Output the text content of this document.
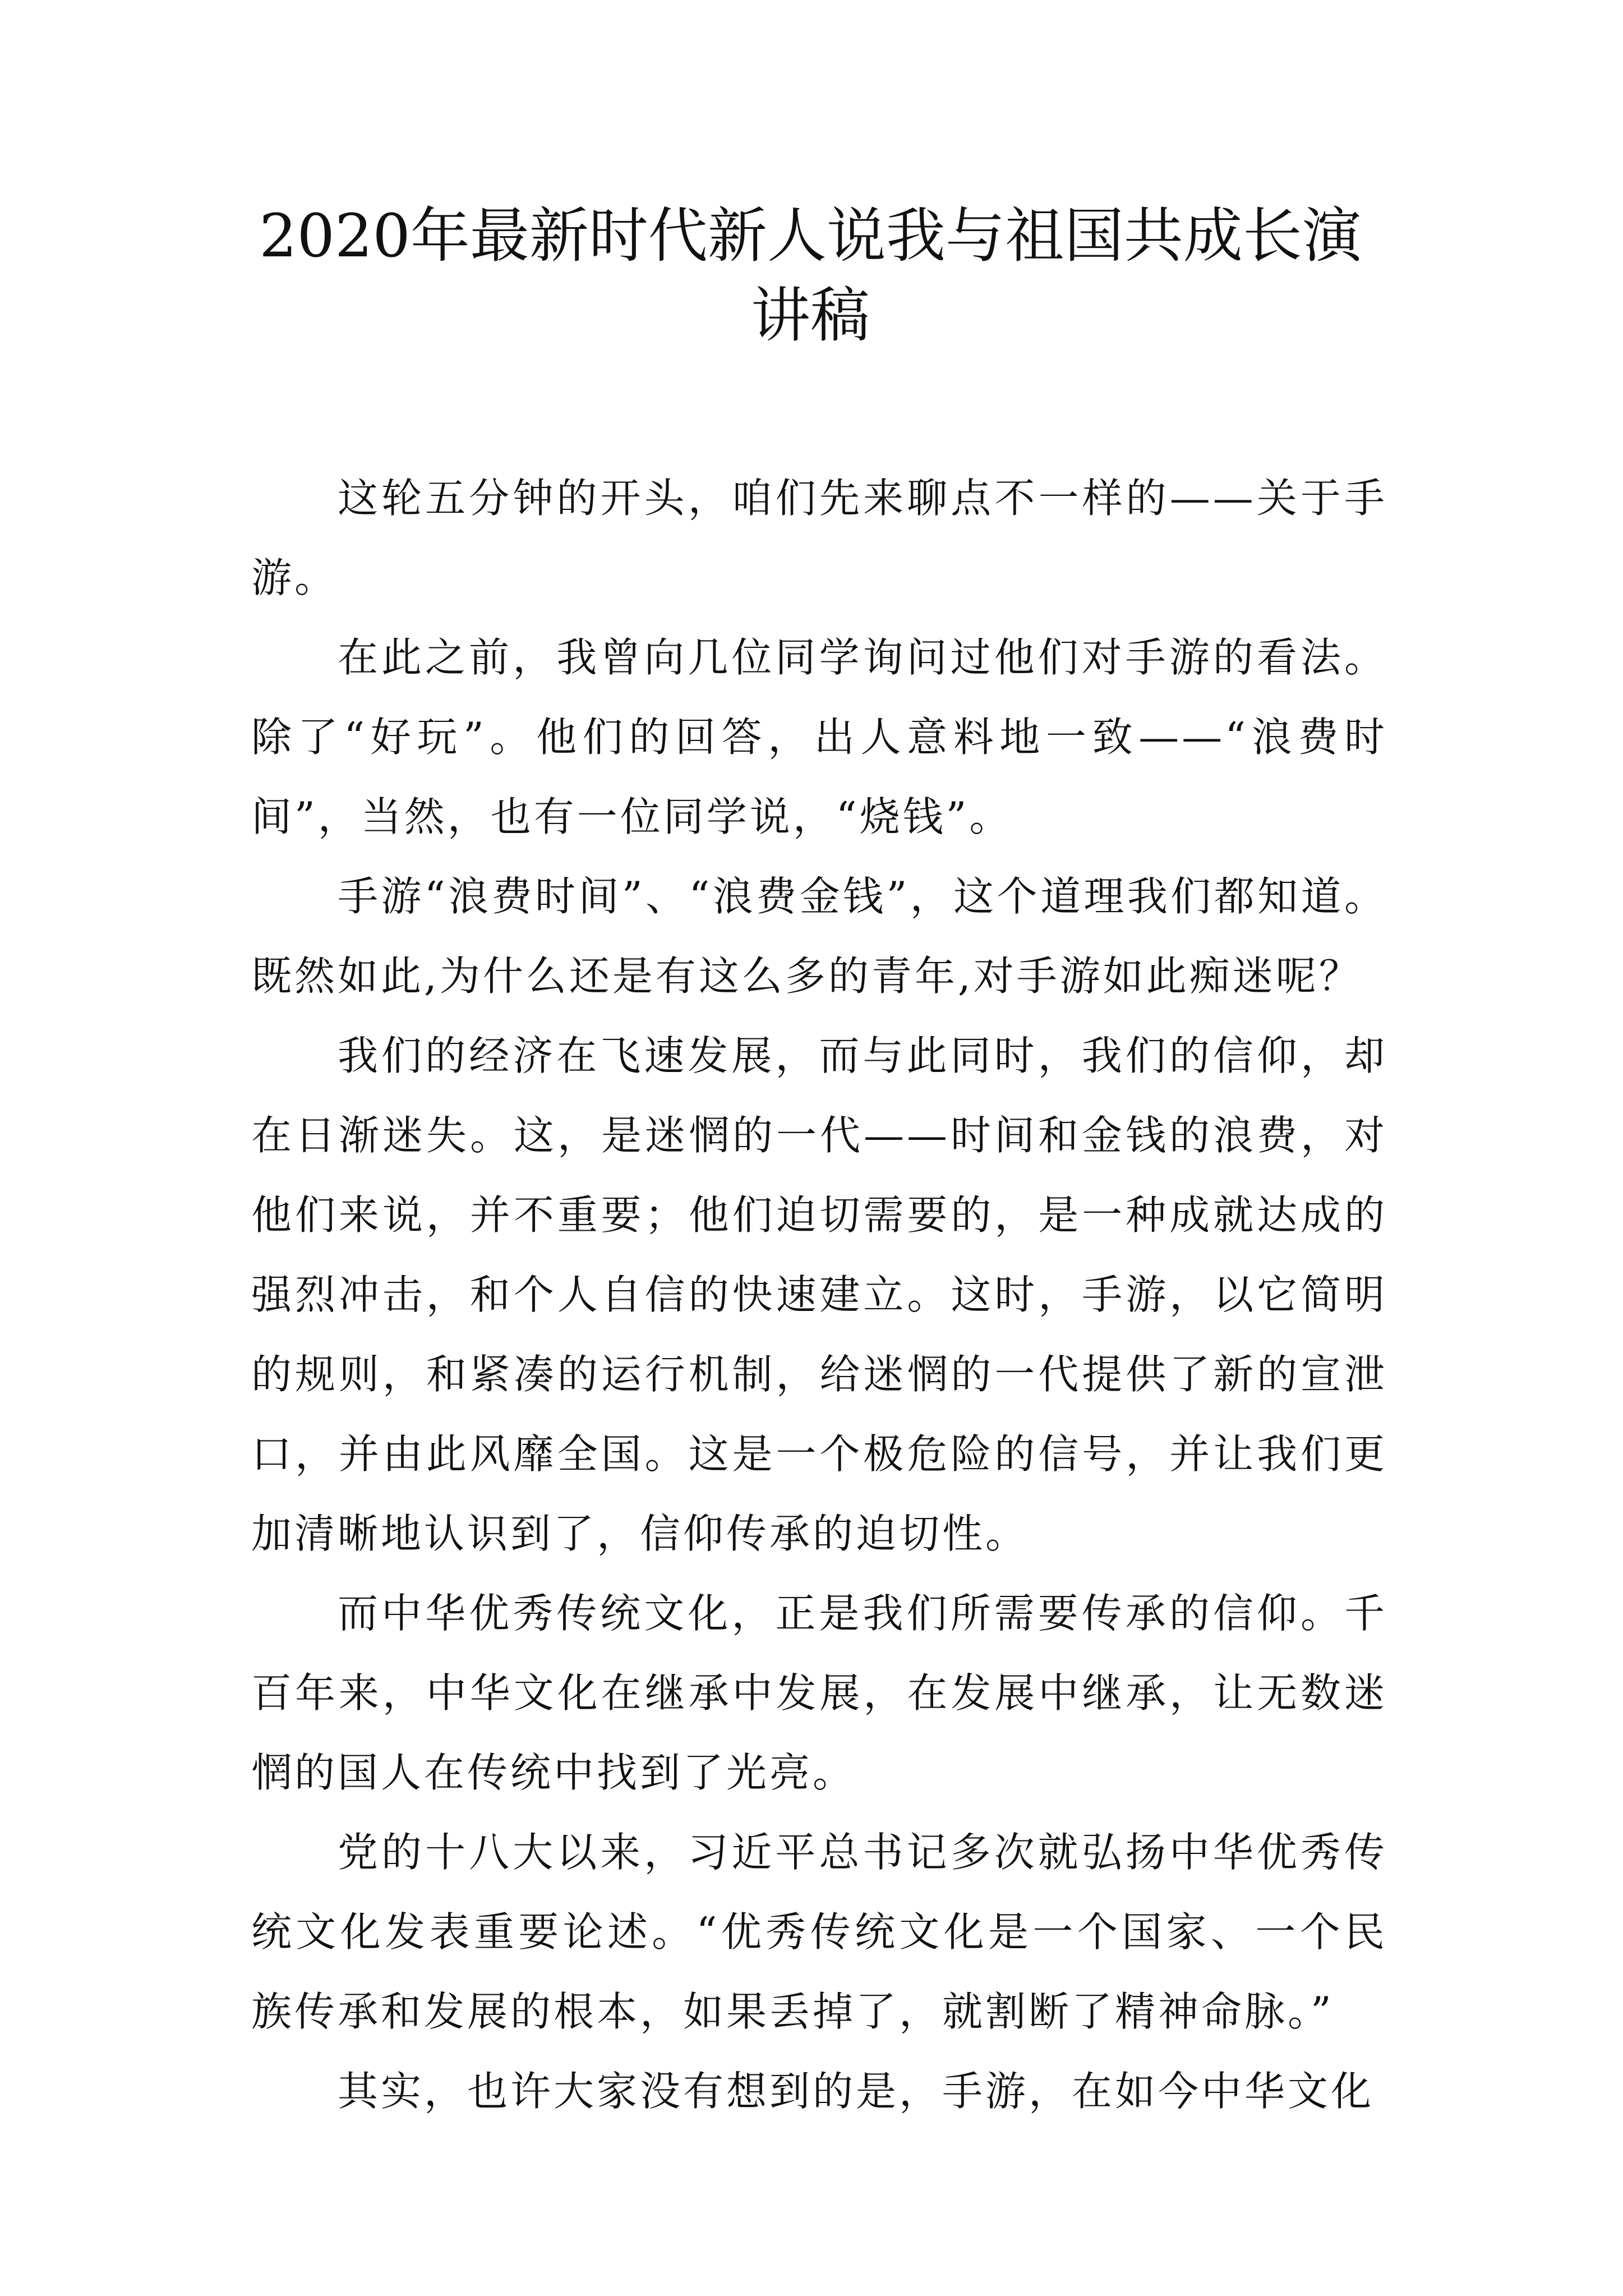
2020年最新时代新人说我与祖国共成长演讲稿

这轮五分钟的开头，咱们先来聊点不一样的——关于手游。

在此之前，我曾向几位同学询问过他们对手游的看法。除了“好玩”。他们的回答，出人意料地一致——“浪费时间”，当然，也有一位同学说，“烧钱”。

手游“浪费时间”、“浪费金钱”，这个道理我们都知道。既然如此,为什么还是有这么多的青年,对手游如此痴迷呢？

我们的经济在飞速发展，而与此同时，我们的信仰，却在日渐迷失。这，是迷惘的一代——时间和金钱的浪费，对他们来说，并不重要；他们迫切需要的，是一种成就达成的强烈冲击，和个人自信的快速建立。这时，手游，以它简明的规则，和紧凑的运行机制，给迷惘的一代提供了新的宣泄口，并由此风靡全国。这是一个极危险的信号，并让我们更加清晰地认识到了，信仰传承的迫切性。

而中华优秀传统文化，正是我们所需要传承的信仰。千百年来，中华文化在继承中发展，在发展中继承，让无数迷惘的国人在传统中找到了光亮。

党的十八大以来，习近平总书记多次就弘扬中华优秀传统文化发表重要论述。“优秀传统文化是一个国家、一个民族传承和发展的根本，如果丢掉了，就割断了精神命脉。”

其实，也许大家没有想到的是，手游，在如今中华文化
